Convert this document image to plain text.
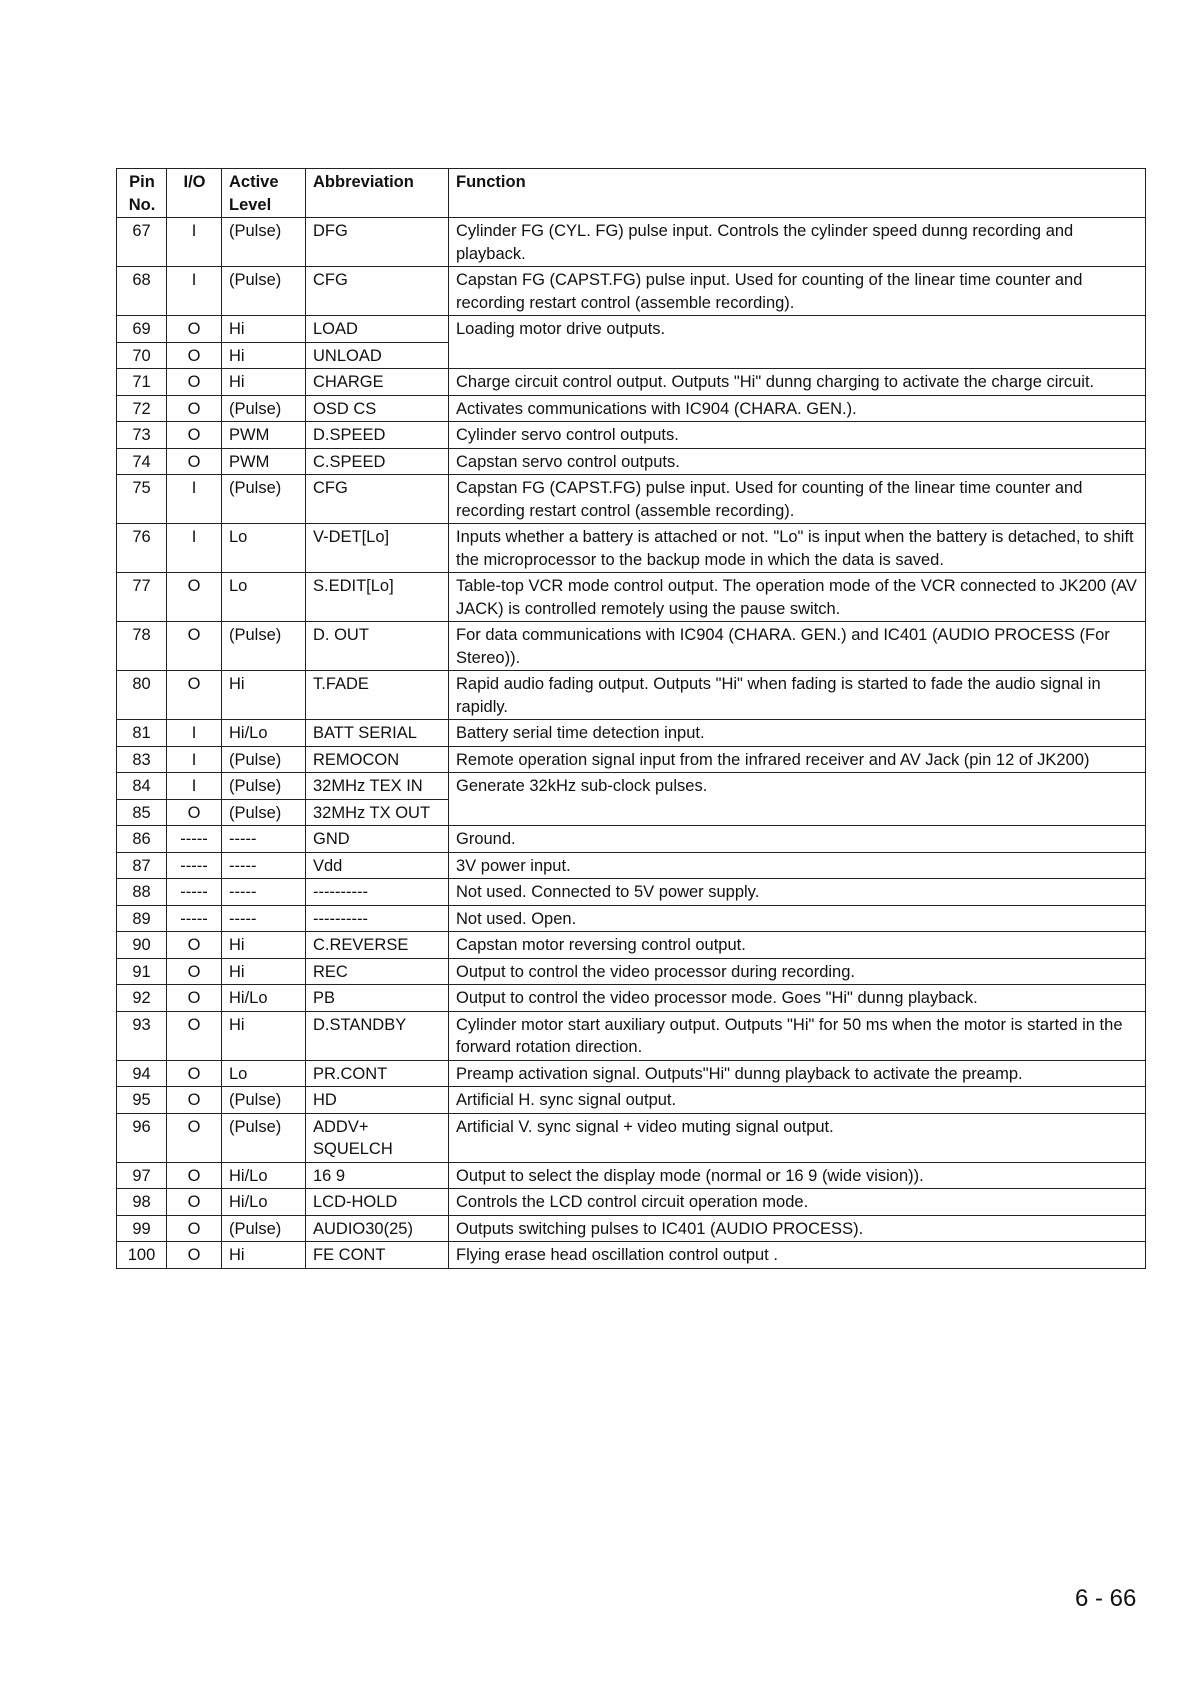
Pin No.	I/O	Active Level	Abbreviation	Function
67	I	(Pulse)	DFG	Cylinder FG (CYL. FG) pulse input. Controls the cylinder speed dunng recording and playback.
68	I	(Pulse)	CFG	Capstan FG (CAPST.FG) pulse input. Used for counting of the linear time counter and recording restart control (assemble recording).
69	O	Hi	LOAD	Loading motor drive outputs.
70	O	Hi	UNLOAD	
71	O	Hi	CHARGE	Charge circuit control output. Outputs "Hi" dunng charging to activate the charge circuit.
72	O	(Pulse)	OSD CS	Activates communications with IC904 (CHARA. GEN.).
73	O	PWM	D.SPEED	Cylinder servo control outputs.
74	O	PWM	C.SPEED	Capstan servo control outputs.
75	I	(Pulse)	CFG	Capstan FG (CAPST.FG) pulse input. Used for counting of the linear time counter and recording restart control (assemble recording).
76	I	Lo	V-DET[Lo]	Inputs whether a battery is attached or not. "Lo" is input when the battery is detached, to shift the microprocessor to the backup mode in which the data is saved.
77	O	Lo	S.EDIT[Lo]	Table-top VCR mode control output. The operation mode of the VCR connected to JK200 (AV JACK) is controlled remotely using the pause switch.
78	O	(Pulse)	D. OUT	For data communications with IC904 (CHARA. GEN.) and IC401 (AUDIO PROCESS (For Stereo)).
80	O	Hi	T.FADE	Rapid audio fading output. Outputs "Hi" when fading is started to fade the audio signal in rapidly.
81	I	Hi/Lo	BATT SERIAL	Battery serial time detection input.
83	I	(Pulse)	REMOCON	Remote operation signal input from the infrared receiver and AV Jack (pin 12 of JK200)
84	I	(Pulse)	32MHz TEX IN	Generate 32kHz sub-clock pulses.
85	O	(Pulse)	32MHz TX OUT	
86	-----	-----	GND	Ground.
87	-----	-----	Vdd	3V power input.
88	-----	-----	----------	Not used. Connected to 5V power supply.
89	-----	-----	----------	Not used. Open.
90	O	Hi	C.REVERSE	Capstan motor reversing control output.
91	O	Hi	REC	Output to control the video processor during recording.
92	O	Hi/Lo	PB	Output to control the video processor mode. Goes "Hi" dunng playback.
93	O	Hi	D.STANDBY	Cylinder motor start auxiliary output. Outputs "Hi" for 50 ms when the motor is started in the forward rotation direction.
94	O	Lo	PR.CONT	Preamp activation signal. Outputs"Hi" dunng playback to activate the preamp.
95	O	(Pulse)	HD	Artificial H. sync signal output.
96	O	(Pulse)	ADDV+ SQUELCH	Artificial V. sync signal + video muting signal output.
97	O	Hi/Lo	16 9	Output to select the display mode (normal or 16 9 (wide vision)).
98	O	Hi/Lo	LCD-HOLD	Controls the LCD control circuit operation mode.
99	O	(Pulse)	AUDIO30(25)	Outputs switching pulses to IC401 (AUDIO PROCESS).
100	O	Hi	FE CONT	Flying erase head oscillation control output .
6 - 66
